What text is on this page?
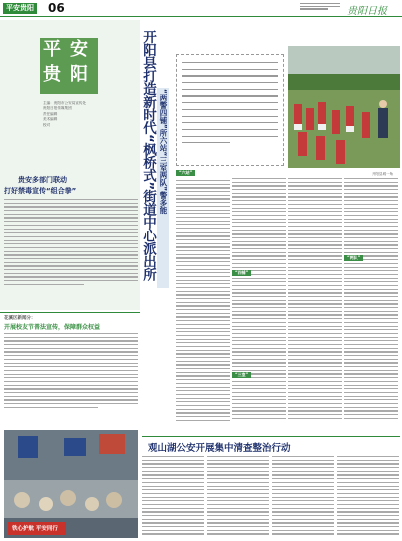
平安贵阳 06	贵阳日报
平 安
贵 阳
主编：贵阳市公安局宣传处
贵阳日报传媒集团
责任编辑
美术编辑
校对
贵安多部门联动
打好禁毒宣传“组合拳”
花溪区新闻分：
开展校友节普法宣传，保障群众权益
铁心护航 平安同行
开阳县打造新时代“枫桥式”街道中心派出所 “两警四铺”所六站“三室两队”警多能	开阳县城一角
“六站”
“四铺”
“三室”
“两队”
观山湖公安开展集中清查整治行动
